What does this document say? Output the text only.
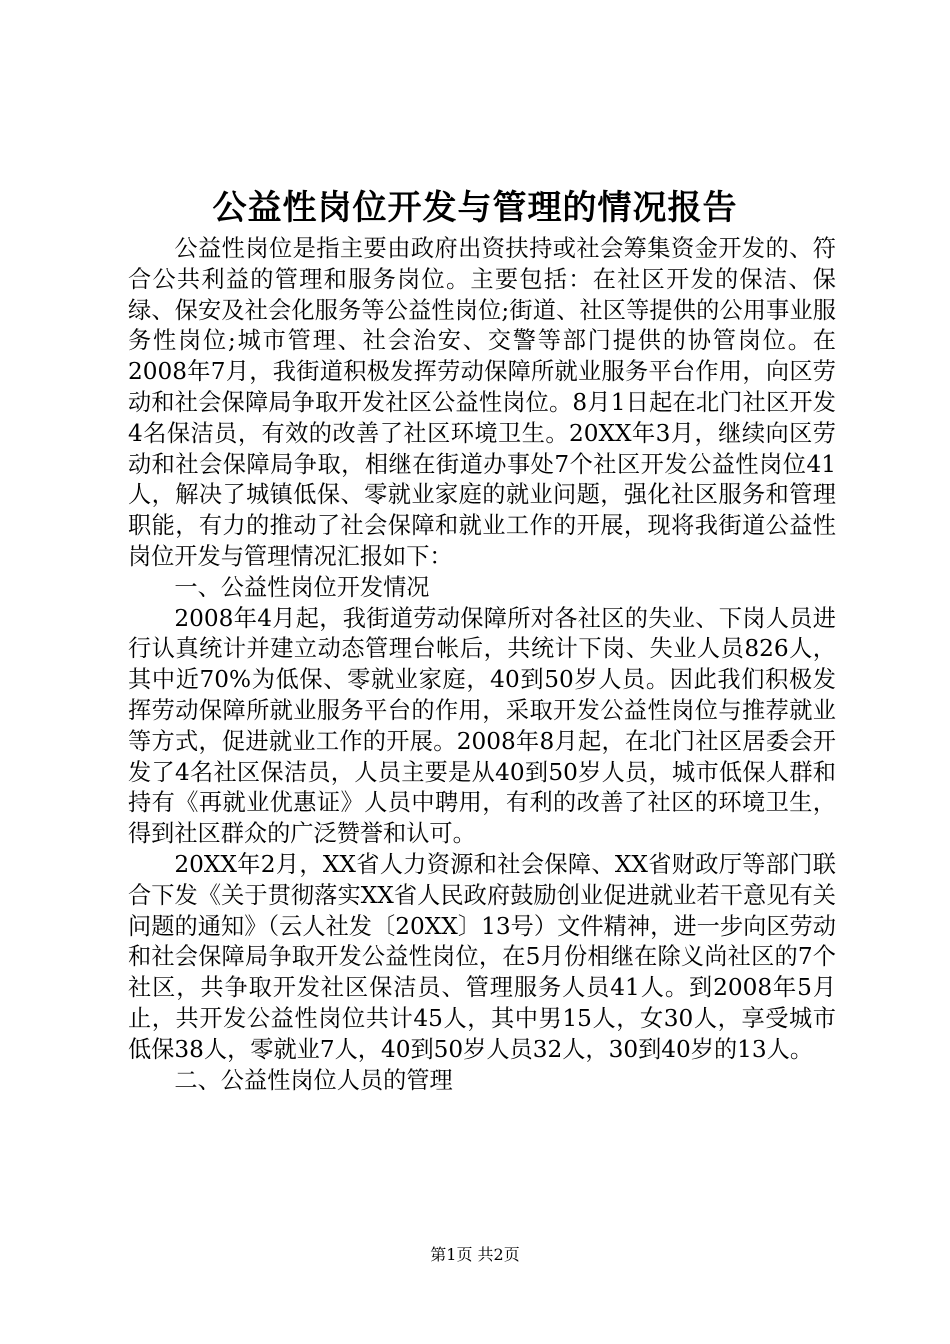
公益性岗位开发与管理的情况报告

公益性岗位是指主要由政府出资扶持或社会筹集资金开发的、符合公共利益的管理和服务岗位。主要包括：在社区开发的保洁、保绿、保安及社会化服务等公益性岗位;街道、社区等提供的公用事业服务性岗位;城市管理、社会治安、交警等部门提供的协管岗位。在2008年7月，我街道积极发挥劳动保障所就业服务平台作用，向区劳动和社会保障局争取开发社区公益性岗位。8月1日起在北门社区开发4名保洁员，有效的改善了社区环境卫生。20XX年3月，继续向区劳动和社会保障局争取，相继在街道办事处7个社区开发公益性岗位41人，解决了城镇低保、零就业家庭的就业问题，强化社区服务和管理职能，有力的推动了社会保障和就业工作的开展，现将我街道公益性岗位开发与管理情况汇报如下：

一、公益性岗位开发情况

2008年4月起，我街道劳动保障所对各社区的失业、下岗人员进行认真统计并建立动态管理台帐后，共统计下岗、失业人员826人，其中近70%为低保、零就业家庭，40到50岁人员。因此我们积极发挥劳动保障所就业服务平台的作用，采取开发公益性岗位与推荐就业等方式，促进就业工作的开展。2008年8月起，在北门社区居委会开发了4名社区保洁员，人员主要是从40到50岁人员，城市低保人群和持有《再就业优惠证》人员中聘用，有利的改善了社区的环境卫生，得到社区群众的广泛赞誉和认可。

20XX年2月，XX省人力资源和社会保障、XX省财政厅等部门联合下发《关于贯彻落实XX省人民政府鼓励创业促进就业若干意见有关问题的通知》（云人社发〔20XX〕13号）文件精神，进一步向区劳动和社会保障局争取开发公益性岗位，在5月份相继在除义尚社区的7个社区，共争取开发社区保洁员、管理服务人员41人。到2008年5月止，共开发公益性岗位共计45人，其中男15人，女30人，享受城市低保38人，零就业7人，40到50岁人员32人，30到40岁的13人。

二、公益性岗位人员的管理

第1页 共2页
